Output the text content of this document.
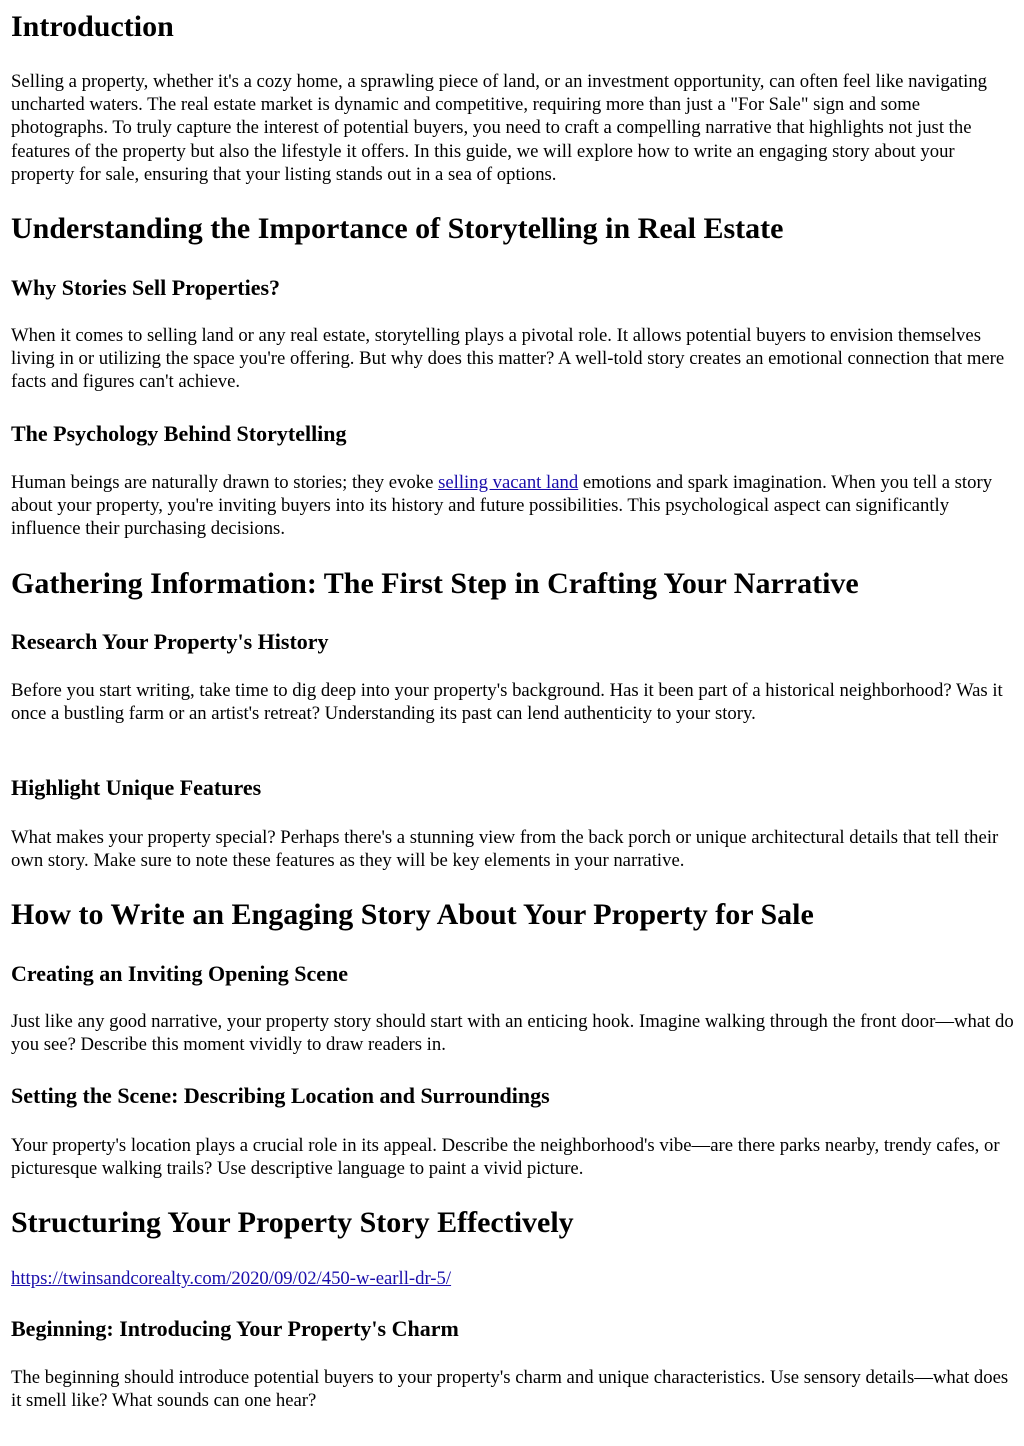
Introduction

Selling a property, whether it's a cozy home, a sprawling piece of land, or an investment opportunity, can often feel like navigating uncharted waters. The real estate market is dynamic and competitive, requiring more than just a "For Sale" sign and some photographs. To truly capture the interest of potential buyers, you need to craft a compelling narrative that highlights not just the features of the property but also the lifestyle it offers. In this guide, we will explore how to write an engaging story about your property for sale, ensuring that your listing stands out in a sea of options.

Understanding the Importance of Storytelling in Real Estate
Why Stories Sell Properties?

When it comes to selling land or any real estate, storytelling plays a pivotal role. It allows potential buyers to envision themselves living in or utilizing the space you're offering. But why does this matter? A well-told story creates an emotional connection that mere facts and figures can't achieve.

The Psychology Behind Storytelling

Human beings are naturally drawn to stories; they evoke selling vacant land emotions and spark imagination. When you tell a story about your property, you're inviting buyers into its history and future possibilities. This psychological aspect can significantly influence their purchasing decisions.

Gathering Information: The First Step in Crafting Your Narrative
Research Your Property's History

Before you start writing, take time to dig deep into your property's background. Has it been part of a historical neighborhood? Was it once a bustling farm or an artist's retreat? Understanding its past can lend authenticity to your story.

Highlight Unique Features

What makes your property special? Perhaps there's a stunning view from the back porch or unique architectural details that tell their own story. Make sure to note these features as they will be key elements in your narrative.

How to Write an Engaging Story About Your Property for Sale
Creating an Inviting Opening Scene

Just like any good narrative, your property story should start with an enticing hook. Imagine walking through the front door—what do you see? Describe this moment vividly to draw readers in.

Setting the Scene: Describing Location and Surroundings

Your property's location plays a crucial role in its appeal. Describe the neighborhood's vibe—are there parks nearby, trendy cafes, or picturesque walking trails? Use descriptive language to paint a vivid picture.

Structuring Your Property Story Effectively

https://twinsandcorealty.com/2020/09/02/450-w-earll-dr-5/

Beginning: Introducing Your Property's Charm

The beginning should introduce potential buyers to your property's charm and unique characteristics. Use sensory details—what does it smell like? What sounds can one hear?
